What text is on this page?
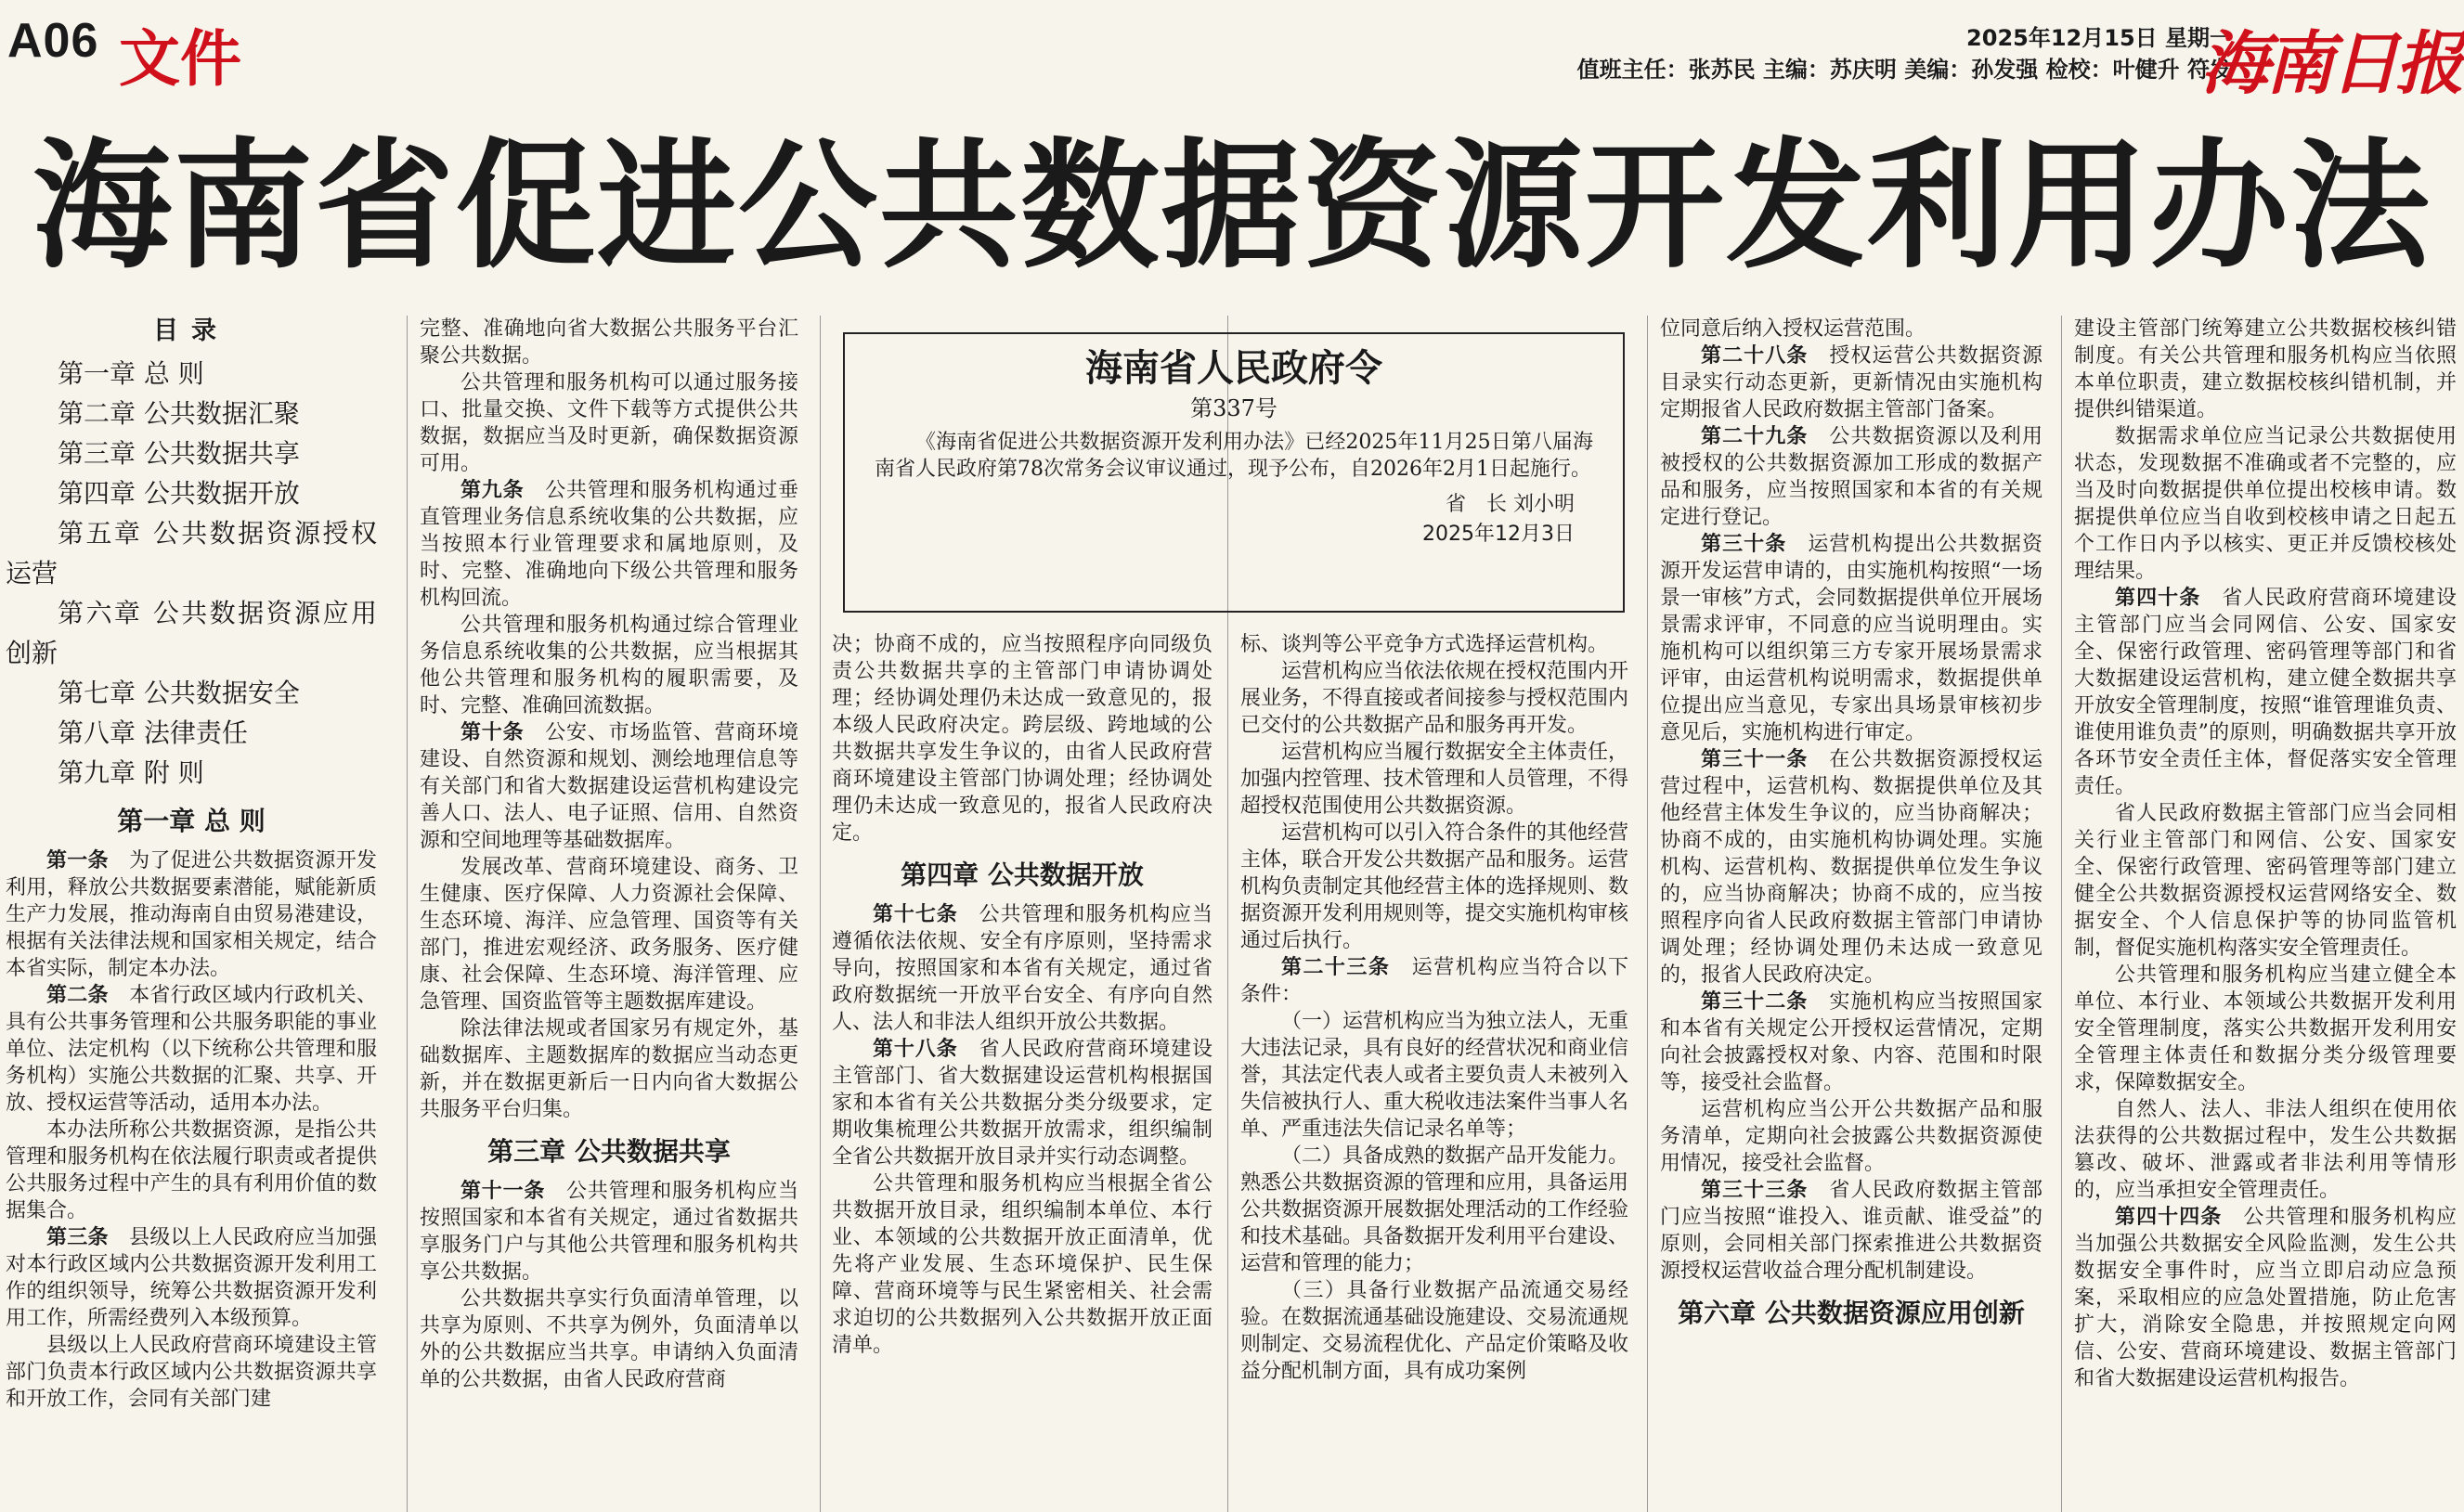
A06 文件	2025年12月15日 星期一
值班主任：张苏民 主编：苏庆明 美编：孙发强 检校：叶健升 符发
海南日报
海南省促进公共数据资源开发利用办法
目录
第一章 总 则
第二章 公共数据汇聚
第三章 公共数据共享
第四章 公共数据开放
第五章 公共数据资源授权运营
第六章 公共数据资源应用创新
第七章 公共数据安全
第八章 法律责任
第九章 附 则
第一章 总 则

第一条　 为了促进公共数据资源开发利用，释放公共数据要素潜能，赋能新质生产力发展，推动海南自由贸易港建设，根据有关法律法规和国家相关规定，结合本省实际，制定本办法。

第二条　 本省行政区域内行政机关、具有公共事务管理和公共服务职能的事业单位、法定机构（以下统称公共管理和服务机构）实施公共数据的汇聚、共享、开放、授权运营等活动，适用本办法。

本办法所称公共数据资源，是指公共管理和服务机构在依法履行职责或者提供公共服务过程中产生的具有利用价值的数据集合。

第三条　 县级以上人民政府应当加强对本行政区域内公共数据资源开发利用工作的组织领导，统筹公共数据资源开发利用工作，所需经费列入本级预算。

县级以上人民政府营商环境建设主管部门负责本行政区域内公共数据资源共享和开放工作，会同有关部门建

完整、准确地向省大数据公共服务平台汇聚公共数据。

公共管理和服务机构可以通过服务接口、批量交换、文件下载等方式提供公共数据，数据应当及时更新，确保数据资源可用。

第九条　 公共管理和服务机构通过垂直管理业务信息系统收集的公共数据，应当按照本行业管理要求和属地原则，及时、完整、准确地向下级公共管理和服务机构回流。

公共管理和服务机构通过综合管理业务信息系统收集的公共数据，应当根据其他公共管理和服务机构的履职需要，及时、完整、准确回流数据。

第十条　 公安、市场监管、营商环境建设、自然资源和规划、测绘地理信息等有关部门和省大数据建设运营机构建设完善人口、法人、电子证照、信用、自然资源和空间地理等基础数据库。

发展改革、营商环境建设、商务、卫生健康、医疗保障、人力资源社会保障、生态环境、海洋、应急管理、国资等有关部门，推进宏观经济、政务服务、医疗健康、社会保障、生态环境、海洋管理、应急管理、国资监管等主题数据库建设。

除法律法规或者国家另有规定外，基础数据库、主题数据库的数据应当动态更新，并在数据更新后一日内向省大数据公共服务平台归集。

第三章 公共数据共享

第十一条　 公共管理和服务机构应当按照国家和本省有关规定，通过省数据共享服务门户与其他公共管理和服务机构共享公共数据。

公共数据共享实行负面清单管理，以共享为原则、不共享为例外，负面清单以外的公共数据应当共享。申请纳入负面清单的公共数据，由省人民政府营商

海南省人民政府令
第337号

《海南省促进公共数据资源开发利用办法》已经2025年11月25日第八届海南省人民政府第78次常务会议审议通过，现予公布，自2026年2月1日起施行。

省　长 刘小明
2025年12月3日

决；协商不成的，应当按照程序向同级负责公共数据共享的主管部门申请协调处理；经协调处理仍未达成一致意见的，报本级人民政府决定。跨层级、跨地域的公共数据共享发生争议的，由省人民政府营商环境建设主管部门协调处理；经协调处理仍未达成一致意见的，报省人民政府决定。

第四章 公共数据开放

第十七条　 公共管理和服务机构应当遵循依法依规、安全有序原则，坚持需求导向，按照国家和本省有关规定，通过省政府数据统一开放平台安全、有序向自然人、法人和非法人组织开放公共数据。

第十八条　 省人民政府营商环境建设主管部门、省大数据建设运营机构根据国家和本省有关公共数据分类分级要求，定期收集梳理公共数据开放需求，组织编制全省公共数据开放目录并实行动态调整。

公共管理和服务机构应当根据全省公共数据开放目录，组织编制本单位、本行业、本领域的公共数据开放正面清单，优先将产业发展、生态环境保护、民生保障、营商环境等与民生紧密相关、社会需求迫切的公共数据列入公共数据开放正面清单。

标、谈判等公平竞争方式选择运营机构。

运营机构应当依法依规在授权范围内开展业务，不得直接或者间接参与授权范围内已交付的公共数据产品和服务再开发。

运营机构应当履行数据安全主体责任，加强内控管理、技术管理和人员管理，不得超授权范围使用公共数据资源。

运营机构可以引入符合条件的其他经营主体，联合开发公共数据产品和服务。运营机构负责制定其他经营主体的选择规则、数据资源开发利用规则等，提交实施机构审核通过后执行。

第二十三条　 运营机构应当符合以下条件：

（一）运营机构应当为独立法人，无重大违法记录，具有良好的经营状况和商业信誉，其法定代表人或者主要负责人未被列入失信被执行人、重大税收违法案件当事人名单、严重违法失信记录名单等；

（二）具备成熟的数据产品开发能力。熟悉公共数据资源的管理和应用，具备运用公共数据资源开展数据处理活动的工作经验和技术基础。具备数据开发利用平台建设、运营和管理的能力；

（三）具备行业数据产品流通交易经验。在数据流通基础设施建设、交易流通规则制定、交易流程优化、产品定价策略及收益分配机制方面，具有成功案例

位同意后纳入授权运营范围。

第二十八条　 授权运营公共数据资源目录实行动态更新，更新情况由实施机构定期报省人民政府数据主管部门备案。

第二十九条　 公共数据资源以及利用被授权的公共数据资源加工形成的数据产品和服务，应当按照国家和本省的有关规定进行登记。

第三十条　 运营机构提出公共数据资源开发运营申请的，由实施机构按照“一场景一审核”方式，会同数据提供单位开展场景需求评审，不同意的应当说明理由。实施机构可以组织第三方专家开展场景需求评审，由运营机构说明需求，数据提供单位提出应当意见，专家出具场景审核初步意见后，实施机构进行审定。

第三十一条　 在公共数据资源授权运营过程中，运营机构、数据提供单位及其他经营主体发生争议的，应当协商解决；协商不成的，由实施机构协调处理。实施机构、运营机构、数据提供单位发生争议的，应当协商解决；协商不成的，应当按照程序向省人民政府数据主管部门申请协调处理；经协调处理仍未达成一致意见的，报省人民政府决定。

第三十二条　 实施机构应当按照国家和本省有关规定公开授权运营情况，定期向社会披露授权对象、内容、范围和时限等，接受社会监督。

运营机构应当公开公共数据产品和服务清单，定期向社会披露公共数据资源使用情况，接受社会监督。

第三十三条　 省人民政府数据主管部门应当按照“谁投入、谁贡献、谁受益”的原则，会同相关部门探索推进公共数据资源授权运营收益合理分配机制建设。

第六章 公共数据资源应用创新

建设主管部门统筹建立公共数据校核纠错制度。有关公共管理和服务机构应当依照本单位职责，建立数据校核纠错机制，并提供纠错渠道。

数据需求单位应当记录公共数据使用状态，发现数据不准确或者不完整的，应当及时向数据提供单位提出校核申请。数据提供单位应当自收到校核申请之日起五个工作日内予以核实、更正并反馈校核处理结果。

第四十条　 省人民政府营商环境建设主管部门应当会同网信、公安、国家安全、保密行政管理、密码管理等部门和省大数据建设运营机构，建立健全数据共享开放安全管理制度，按照“谁管理谁负责、谁使用谁负责”的原则，明确数据共享开放各环节安全责任主体，督促落实安全管理责任。

省人民政府数据主管部门应当会同相关行业主管部门和网信、公安、国家安全、保密行政管理、密码管理等部门建立健全公共数据资源授权运营网络安全、数据安全、个人信息保护等的协同监管机制，督促实施机构落实安全管理责任。

公共管理和服务机构应当建立健全本单位、本行业、本领域公共数据开发利用安全管理制度，落实公共数据开发利用安全管理主体责任和数据分类分级管理要求，保障数据安全。

自然人、法人、非法人组织在使用依法获得的公共数据过程中，发生公共数据篡改、破坏、泄露或者非法利用等情形的，应当承担安全管理责任。

第四十四条　 公共管理和服务机构应当加强公共数据安全风险监测，发生公共数据安全事件时，应当立即启动应急预案，采取相应的应急处置措施，防止危害扩大，消除安全隐患，并按照规定向网信、公安、营商环境建设、数据主管部门和省大数据建设运营机构报告。
